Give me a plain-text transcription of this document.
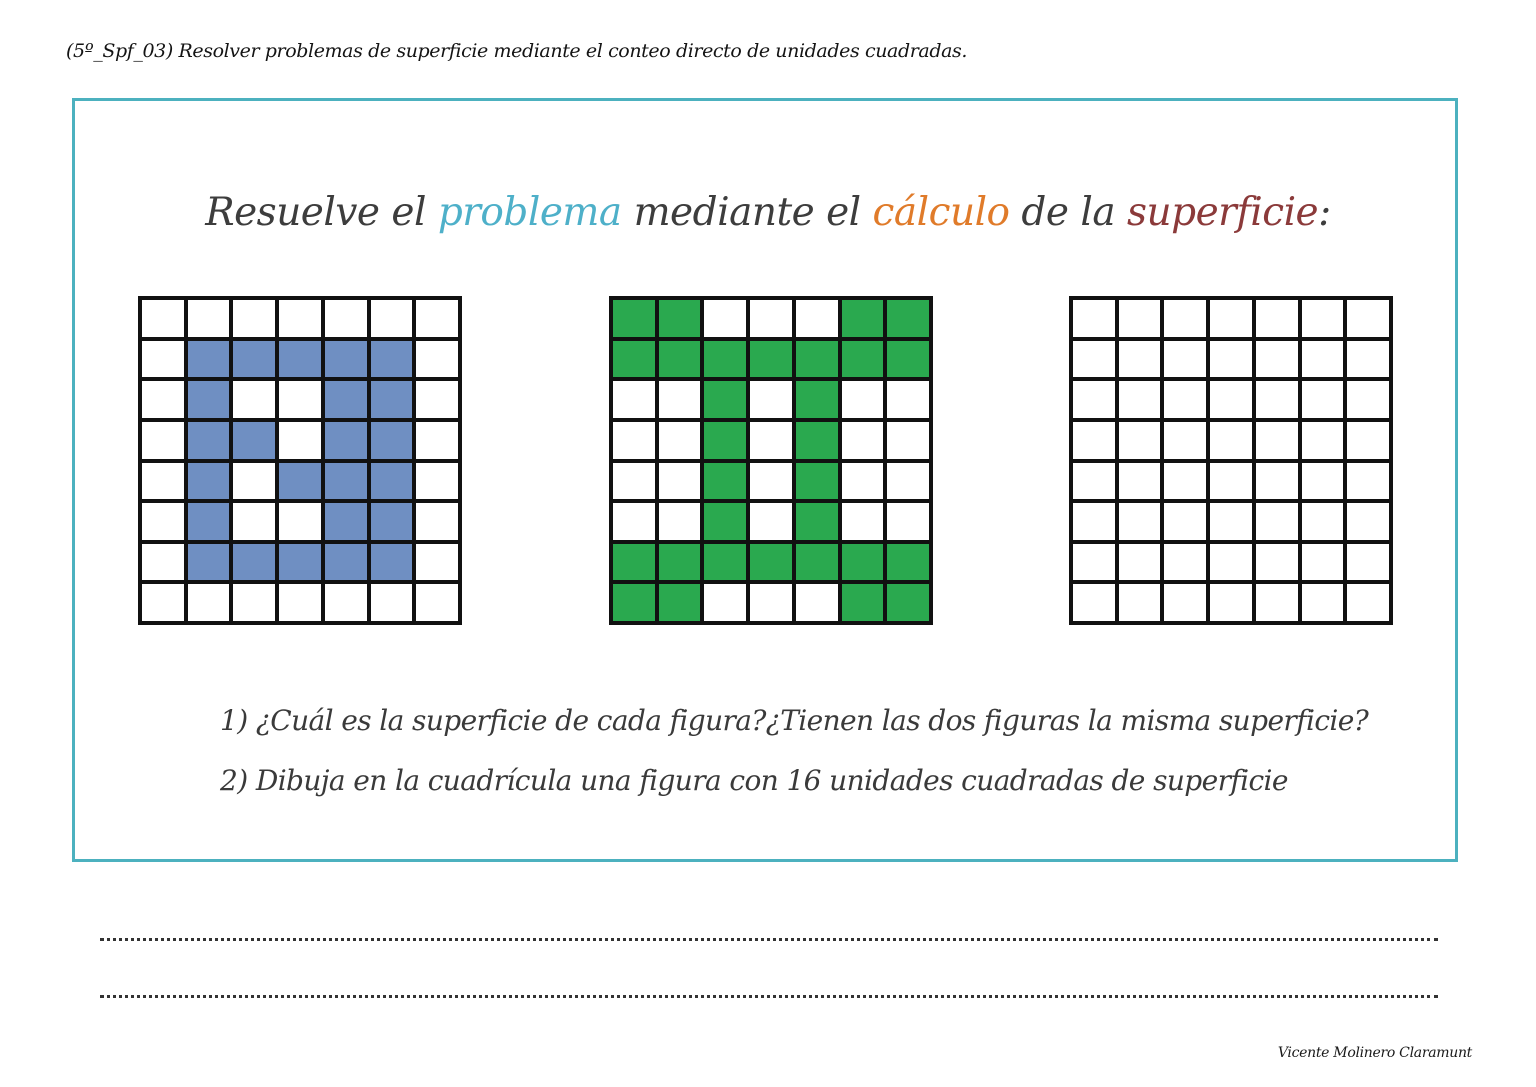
(5º_Spf_03) Resolver problemas de superficie mediante el conteo directo de unidades cuadradas.
Resuelve el problema mediante el cálculo de la superficie:
1) ¿Cuál es la superficie de cada figura?¿Tienen las dos figuras la misma superficie?
2) Dibuja en la cuadrícula una figura con 16 unidades cuadradas de superficie
Vicente Molinero Claramunt
